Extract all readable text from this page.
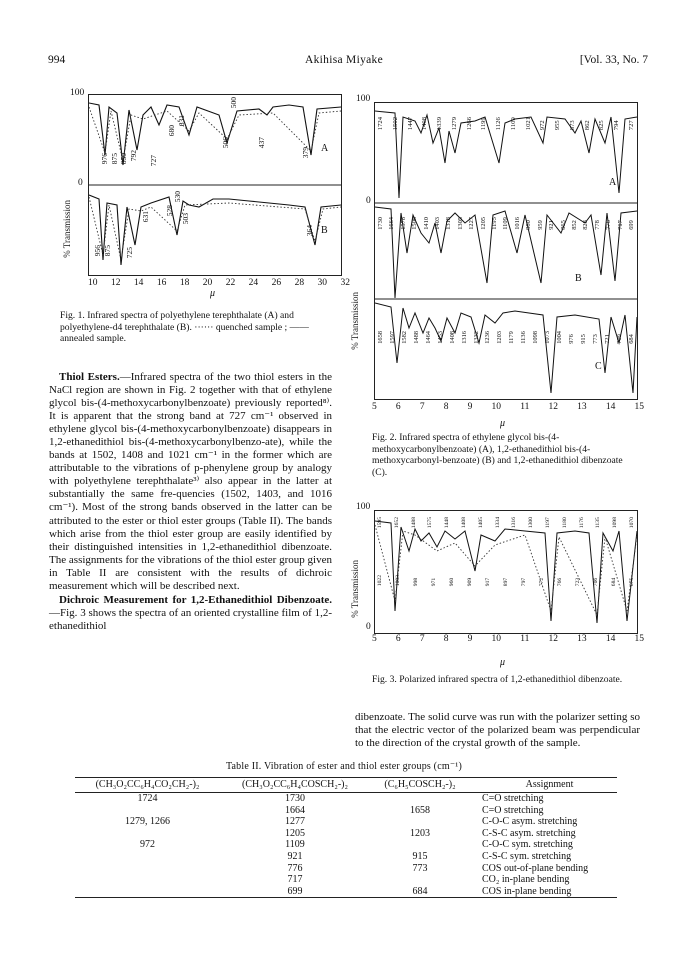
994	Akihisa Miyake	[Vol. 33, No. 7
100
0
% Transmission
976 875 850 792 727
680
631
506
500
437
379 A
956 875 725
631
528
530
503
364 B
10 12 14 16 18 20 22 24 26 28 30 32
μ
Fig. 1. Infrared spectra of polyethylene terephthalate (A) and polyethylene-d4 terephthalate (B). ······ quenched sample ; —— annealed sample.
100
0
% Transmission
A
B
C
1724 1502 1447 1408 1339 1279 1266 1199 1126 1109 1021 972 955 873 862 825 794 727
1730 1664 1578 1508 1410 1403 1318 1305 1227 1205 1195 1109 1016 960 959 921 865 852 828 778 776 717 699
1658 1597 1582 1488 1464 1453 1408 1316 1332 1236 1203 1179 1136 1098 1073 1004 976 915 773 721 709 684
5 6 7 8 9 10 11 12 13 14 15
μ
Fig. 2. Infrared spectra of ethylene glycol bis-(4-methoxycarbonylbenzoate) (A), 1,2-ethanedithiol bis-(4-methoxycarbonyl-benzoate) (B) and 1,2-ethanedithiol dibenzoate (C).
100
0
% Transmission
1595 1652 1488 1575 1448 1408 1405 1334 1316 1300 1197 1180 1176 1135 1098 1070
1022 1003 998 971 960 909 917 897 797 772 766 723 706 684 675
5 6 7 8 9 10 11 12 13 14 15
μ
Fig. 3. Polarized infrared spectra of 1,2-ethanedithiol dibenzoate.

Thiol Esters.—Infrared spectra of the two thiol esters in the NaCl region are shown in Fig. 2 together with that of ethylene glycol bis-(4-methoxycarbonylbenzoate) previously reported⁸⁾. It is apparent that the strong band at 727 cm⁻¹ observed in ethylene glycol bis-(4-methoxycarbonylbenzoate) disappears in 1,2-ethanedithiol bis-(4-methoxycarbonylbenzo-ate), while the bands at 1502, 1408 and 1021 cm⁻¹ in the former which are attributable to the vibrations of p-phenylene group by analogy with polyethylene terephthalate³⁾ also appear in the latter at substantially the same fre-quencies (1502, 1403, and 1016 cm⁻¹). Most of the strong bands observed in the latter can be attributed to the ester or thiol ester groups (Table II). The bands which arise from the thiol ester group are easily identified by their distinguished intensities in 1,2-ethanedithiol dibenzoate. The assignments for the vibrations of the thiol ester group given in Table II are consistent with the results of dichroic measurement which will be described next.

Dichroic Measurement for 1,2-Ethanedithiol Dibenzoate.—Fig. 3 shows the spectra of an oriented crystalline film of 1,2-ethanedithiol

dibenzoate. The solid curve was run with the polarizer setting so that the electric vector of the polarized beam was perpendicular to the direction of the crystal growth of the sample.

Table II. Vibration of ester and thiol ester groups (cm⁻¹)
(CH₃O₂CC₆H₄CO₂CH₂-)₂	(CH₃O₂CC₆H₄COSCH₂-)₂	(C₆H₅COSCH₂-)₂	Assignment
1724	1730		C=O stretching
	1664	1658	C=O stretching
1279, 1266	1277		C-O-C asym. stretching
	1205	1203	C-S-C asym. stretching
972	1109		C-O-C sym. stretching
	921	915	C-S-C sym. stretching
	776	773	COS out-of-plane bending
	717		CO₂ in-plane bending
	699	684	COS in-plane bending
